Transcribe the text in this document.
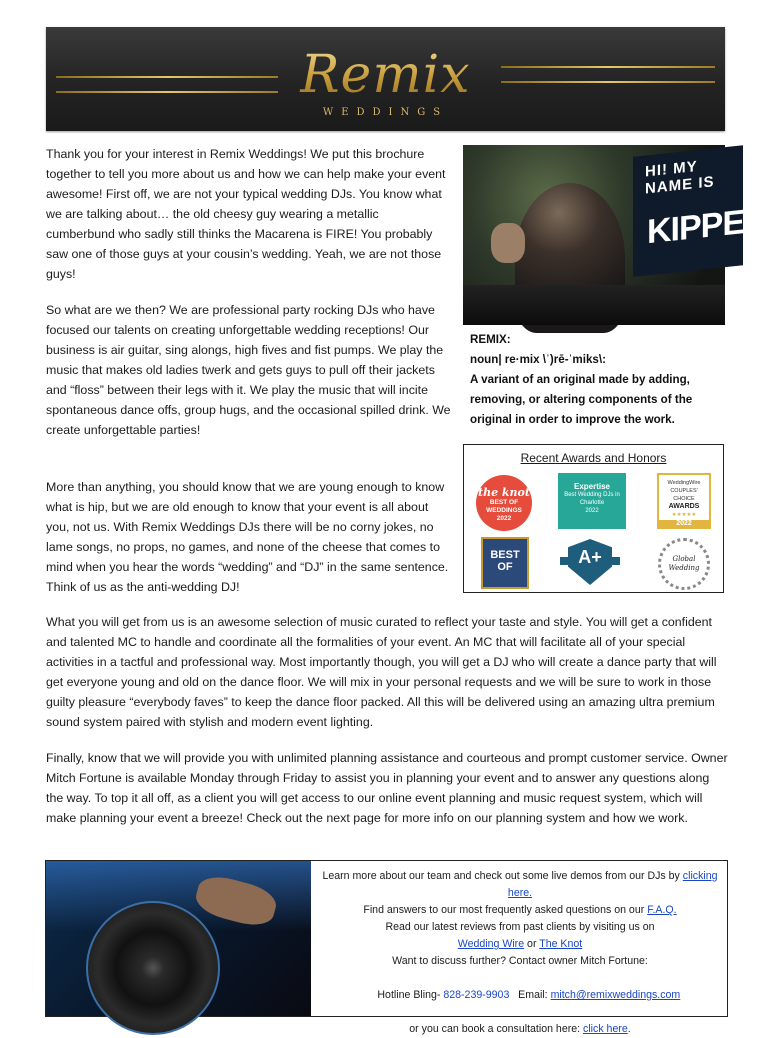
Remix
WEDDINGS
Thank you for your interest in Remix Weddings! We put this brochure together to tell you more about us and how we can help make your event awesome! First off, we are not your typical wedding DJs. You know what we are talking about… the old cheesy guy wearing a metallic cumberbund who sadly still thinks the Macarena is FIRE! You probably saw one of those guys at your cousin’s wedding. Yeah, we are not those guys!
So what are we then? We are professional party rocking DJs who have focused our talents on creating unforgettable wedding receptions! Our business is air guitar, sing alongs, high fives and fist pumps. We play the music that makes old ladies twerk and gets guys to pull off their jackets and “floss” between their legs with it. We play the music that will incite spontaneous dance offs, group hugs, and the occasional spilled drink. We create unforgettable parties!
More than anything, you should know that we are young enough to know what is hip, but we are old enough to know that your event is all about you, not us. With Remix Weddings DJs there will be no corny jokes, no lame songs, no props, no games, and none of the cheese that comes to mind when you hear the words “wedding” and “DJ” in the same sentence. Think of us as the anti-wedding DJ!
What you will get from us is an awesome selection of music curated to reflect your taste and style. You will get a confident and talented MC to handle and coordinate all the formalities of your event. An MC that will facilitate all of your special activities in a tactful and professional way. Most importantly though, you will get a DJ who will create a dance party that will get everyone young and old on the dance floor. We will mix in your personal requests and we will be sure to work in those guilty pleasure “everybody faves” to keep the dance floor packed. All this will be delivered using an amazing ultra premium sound system paired with stylish and modern event lighting.
Finally, know that we will provide you with unlimited planning assistance and courteous and prompt customer service. Owner Mitch Fortune is available Monday through Friday to assist you in planning your event and to answer any questions along the way. To top it all off, as a client you will get access to our online event planning and music request system, which will make planning your event a breeze! Check out the next page for more info on our planning system and how we work.
HI! MY NAME IS
KIPPEI
REMIX:
noun| re·mix \ˈ)rē-ˈmiks\:
A variant of an original made by adding, removing, or altering components of the original in order to improve the work.
Recent Awards and Honors
the knot
BEST OF WEDDINGS
2022
Expertise
Best Wedding DJs in Charlotte
2022
WeddingWire
COUPLES' CHOICE
AWARDS
★★★★★
2022
BEST OF	A+	Global Wedding
Learn more about our team and check out some live demos from our DJs by clicking here.
Find answers to our most frequently asked questions on our F.A.Q.
Read our latest reviews from past clients by visiting us on
Wedding Wire or The Knot
Want to discuss further? Contact owner Mitch Fortune:

Hotline Bling- 828-239-9903   Email: mitch@remixweddings.com

or you can book a consultation here: click here.
